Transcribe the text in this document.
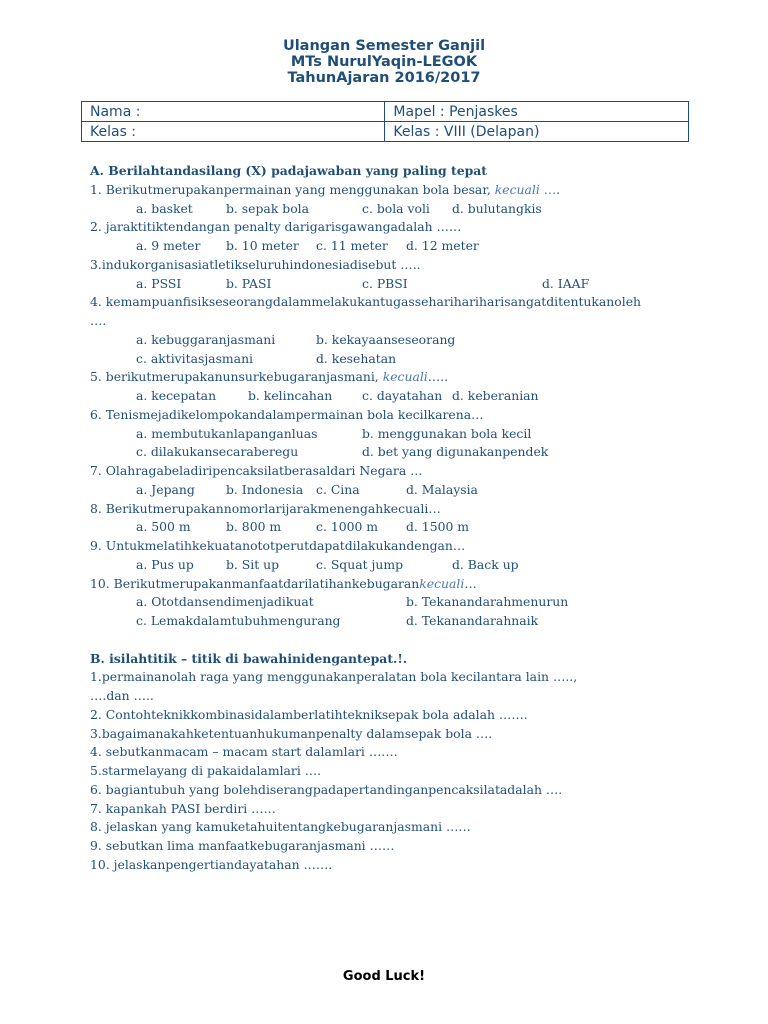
Ulangan Semester Ganjil
MTs NurulYaqin-LEGOK
TahunAjaran 2016/2017
Nama :	Mapel : Penjaskes
Kelas :	Kelas : VIII (Delapan)
A. Berilahtandasilang (X) padajawaban yang paling tepat
1. Berikutmerupakanpermainan yang menggunakan bola besar, kecuali ….
a. basket	b. sepak bola	c. bola voli d. bulutangkis
2. jaraktitiktendangan penalty darigarisgawangadalah ……
a. 9 meter b. 10 meter c. 11 meter d. 12 meter
3.indukorganisasiatletikseluruhindonesiadisebut …..
a. PSSI	b. PASI	c. PBSI	d. IAAF
4. kemampuanfisikseseorangdalammelakukantugasseharihariharisangatditentukanoleh
….
a. kebuggaranjasmani	b. kekayaanseseorang
c. aktivitasjasmani	d. kesehatan
5. berikutmerupakanunsurkebugaranjasmani, kecuali…..
a. kecepatan	b. kelincahan c. dayatahan d. keberanian
6. Tenismejadikelompokandalampermainan bola kecilkarena…
a. membutukanlapanganluas	b. menggunakan bola kecil
c. dilakukansecaraberegu	d. bet yang digunakanpendek
7. Olahragabeladiripencaksilatberasaldari Negara …
a. Jepang	b. Indonesia c. Cina	d. Malaysia
8. Berikutmerupakannomorlarijarakmenengahkecuali…
a. 500 m	b. 800 m	c. 1000 m d. 1500 m
9. Untukmelatihkekuatanototperutdapatdilakukandengan…
a. Pus up	b. Sit up	c. Squat jump	d. Back up
10. Berikutmerupakanmanfaatdarilatihankebugarankecuali…
a. Ototdansendimenjadikuat	b. Tekanandarahmenurun
c. Lemakdalamtubuhmengurang	d. Tekanandarahnaik
B. isilahtitik – titik di bawahinidengantepat.!.
1.permainanolah raga yang menggunakanperalatan bola kecilantara lain …..,
….dan …..
2. Contohteknikkombinasidalamberlatihtekniksepak bola adalah …….
3.bagaimanakahketentuanhukumanpenalty dalamsepak bola ….
4. sebutkanmacam – macam start dalamlari …….
5.starmelayang di pakaidalamlari ….
6. bagiantubuh yang bolehdiserangpadapertandinganpencaksilatadalah ….
7. kapankah PASI berdiri ……
8. jelaskan yang kamuketahuitentangkebugaranjasmani ……
9. sebutkan lima manfaatkebugaranjasmani ……
10. jelaskanpengertiandayatahan …….
Good Luck!
